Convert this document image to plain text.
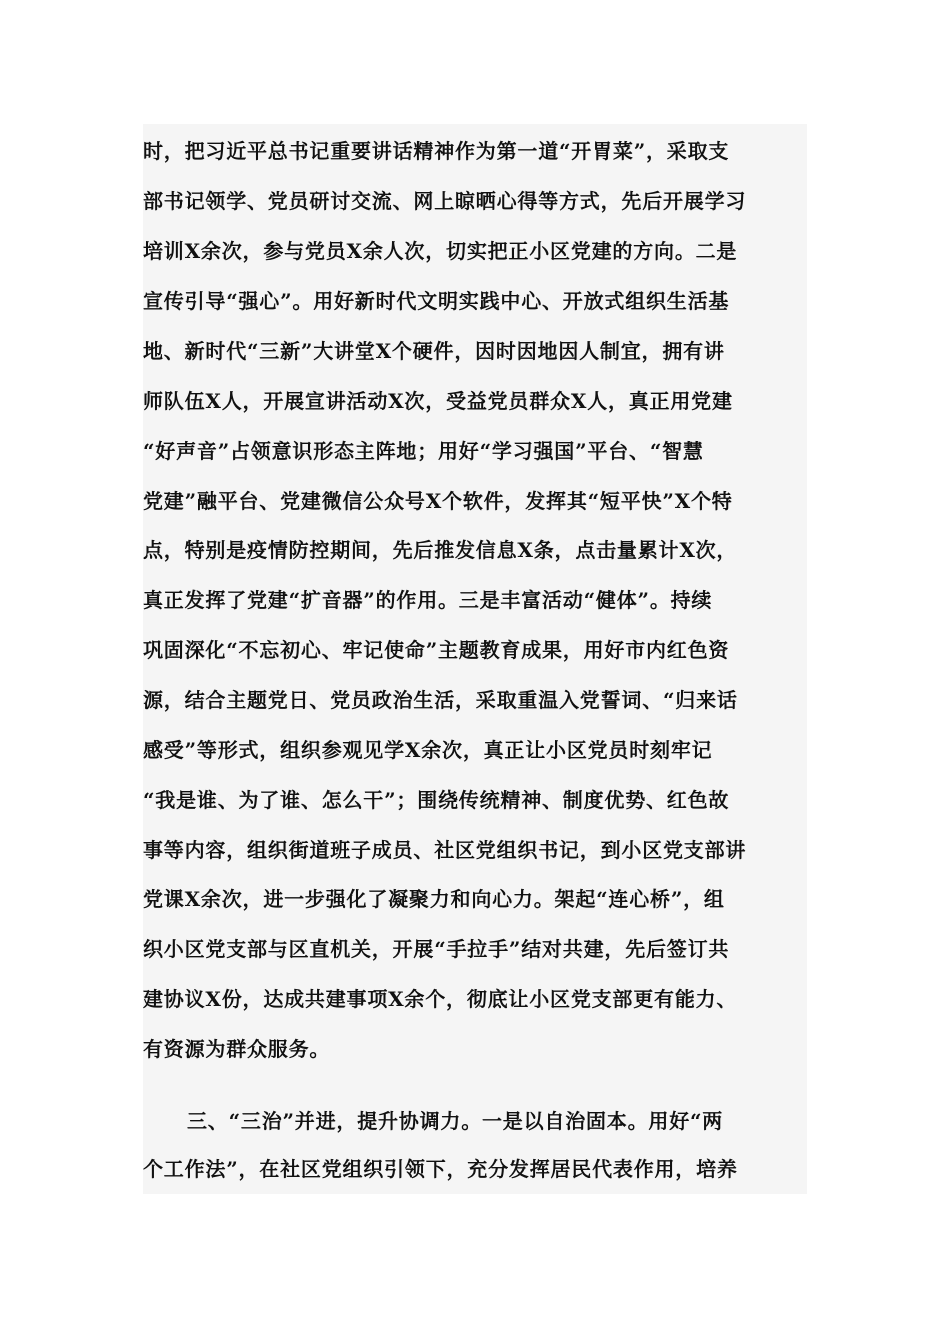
时，把习近平总书记重要讲话精神作为第一道“开胃菜”，采取支
部书记领学、党员研讨交流、网上晾晒心得等方式，先后开展学习
培训X余次，参与党员X余人次，切实把正小区党建的方向。二是
宣传引导“强心”。用好新时代文明实践中心、开放式组织生活基
地、新时代“三新”大讲堂X个硬件，因时因地因人制宜，拥有讲
师队伍X人，开展宣讲活动X次，受益党员群众X人，真正用党建
“好声音”占领意识形态主阵地；用好“学习强国”平台、“智慧
党建”融平台、党建微信公众号X个软件，发挥其“短平快”X个特
点，特别是疫情防控期间，先后推发信息X条，点击量累计X次，
真正发挥了党建“扩音器”的作用。三是丰富活动“健体”。持续
巩固深化“不忘初心、牢记使命”主题教育成果，用好市内红色资
源，结合主题党日、党员政治生活，采取重温入党誓词、“归来话
感受”等形式，组织参观见学X余次，真正让小区党员时刻牢记
“我是谁、为了谁、怎么干”；围绕传统精神、制度优势、红色故
事等内容，组织街道班子成员、社区党组织书记，到小区党支部讲
党课X余次，进一步强化了凝聚力和向心力。架起“连心桥”，组
织小区党支部与区直机关，开展“手拉手”结对共建，先后签订共
建协议X份，达成共建事项X余个，彻底让小区党支部更有能力、
有资源为群众服务。
三、“三治”并进，提升协调力。一是以自治固本。用好“两
个工作法”，在社区党组织引领下，充分发挥居民代表作用，培养
